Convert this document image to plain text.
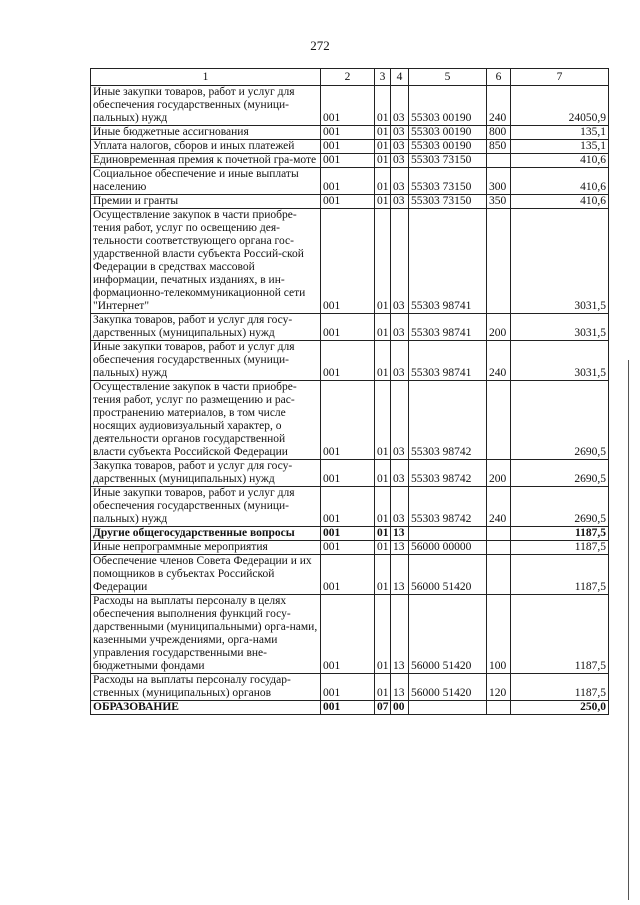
272
1	2	3	4	5	6	7
Иные закупки товаров, работ и услуг для обеспечения государственных (муници-пальных) нужд	001	01	03	55303 00190	240	24050,9
Иные бюджетные ассигнования	001	01	03	55303 00190	800	135,1
Уплата налогов, сборов и иных платежей	001	01	03	55303 00190	850	135,1
Единовременная премия к почетной гра-моте	001	01	03	55303 73150		410,6
Социальное обеспечение и иные выплаты населению	001	01	03	55303 73150	300	410,6
Премии и гранты	001	01	03	55303 73150	350	410,6
Осуществление закупок в части приобре-тения работ, услуг по освещению дея-тельности соответствующего органа гос-ударственной власти субъекта Россий-ской Федерации в средствах массовой информации, печатных изданиях, в ин-формационно-телекоммуникационной сети "Интернет"	001	01	03	55303 98741		3031,5
Закупка товаров, работ и услуг для госу-дарственных (муниципальных) нужд	001	01	03	55303 98741	200	3031,5
Иные закупки товаров, работ и услуг для обеспечения государственных (муници-пальных) нужд	001	01	03	55303 98741	240	3031,5
Осуществление закупок в части приобре-тения работ, услуг по размещению и рас-пространению материалов, в том числе носящих аудиовизуальный характер, о деятельности органов государственной власти субъекта Российской Федерации	001	01	03	55303 98742		2690,5
Закупка товаров, работ и услуг для госу-дарственных (муниципальных) нужд	001	01	03	55303 98742	200	2690,5
Иные закупки товаров, работ и услуг для обеспечения государственных (муници-пальных) нужд	001	01	03	55303 98742	240	2690,5
Другие общегосударственные вопросы	001	01	13			1187,5
Иные непрограммные мероприятия	001	01	13	56000 00000		1187,5
Обеспечение членов Совета Федерации и их помощников в субъектах Российской Федерации	001	01	13	56000 51420		1187,5
Расходы на выплаты персоналу в целях обеспечения выполнения функций госу-дарственными (муниципальными) орга-нами, казенными учреждениями, орга-нами управления государственными вне-бюджетными фондами	001	01	13	56000 51420	100	1187,5
Расходы на выплаты персоналу государ-ственных (муниципальных) органов	001	01	13	56000 51420	120	1187,5
ОБРАЗОВАНИЕ	001	07	00			250,0
